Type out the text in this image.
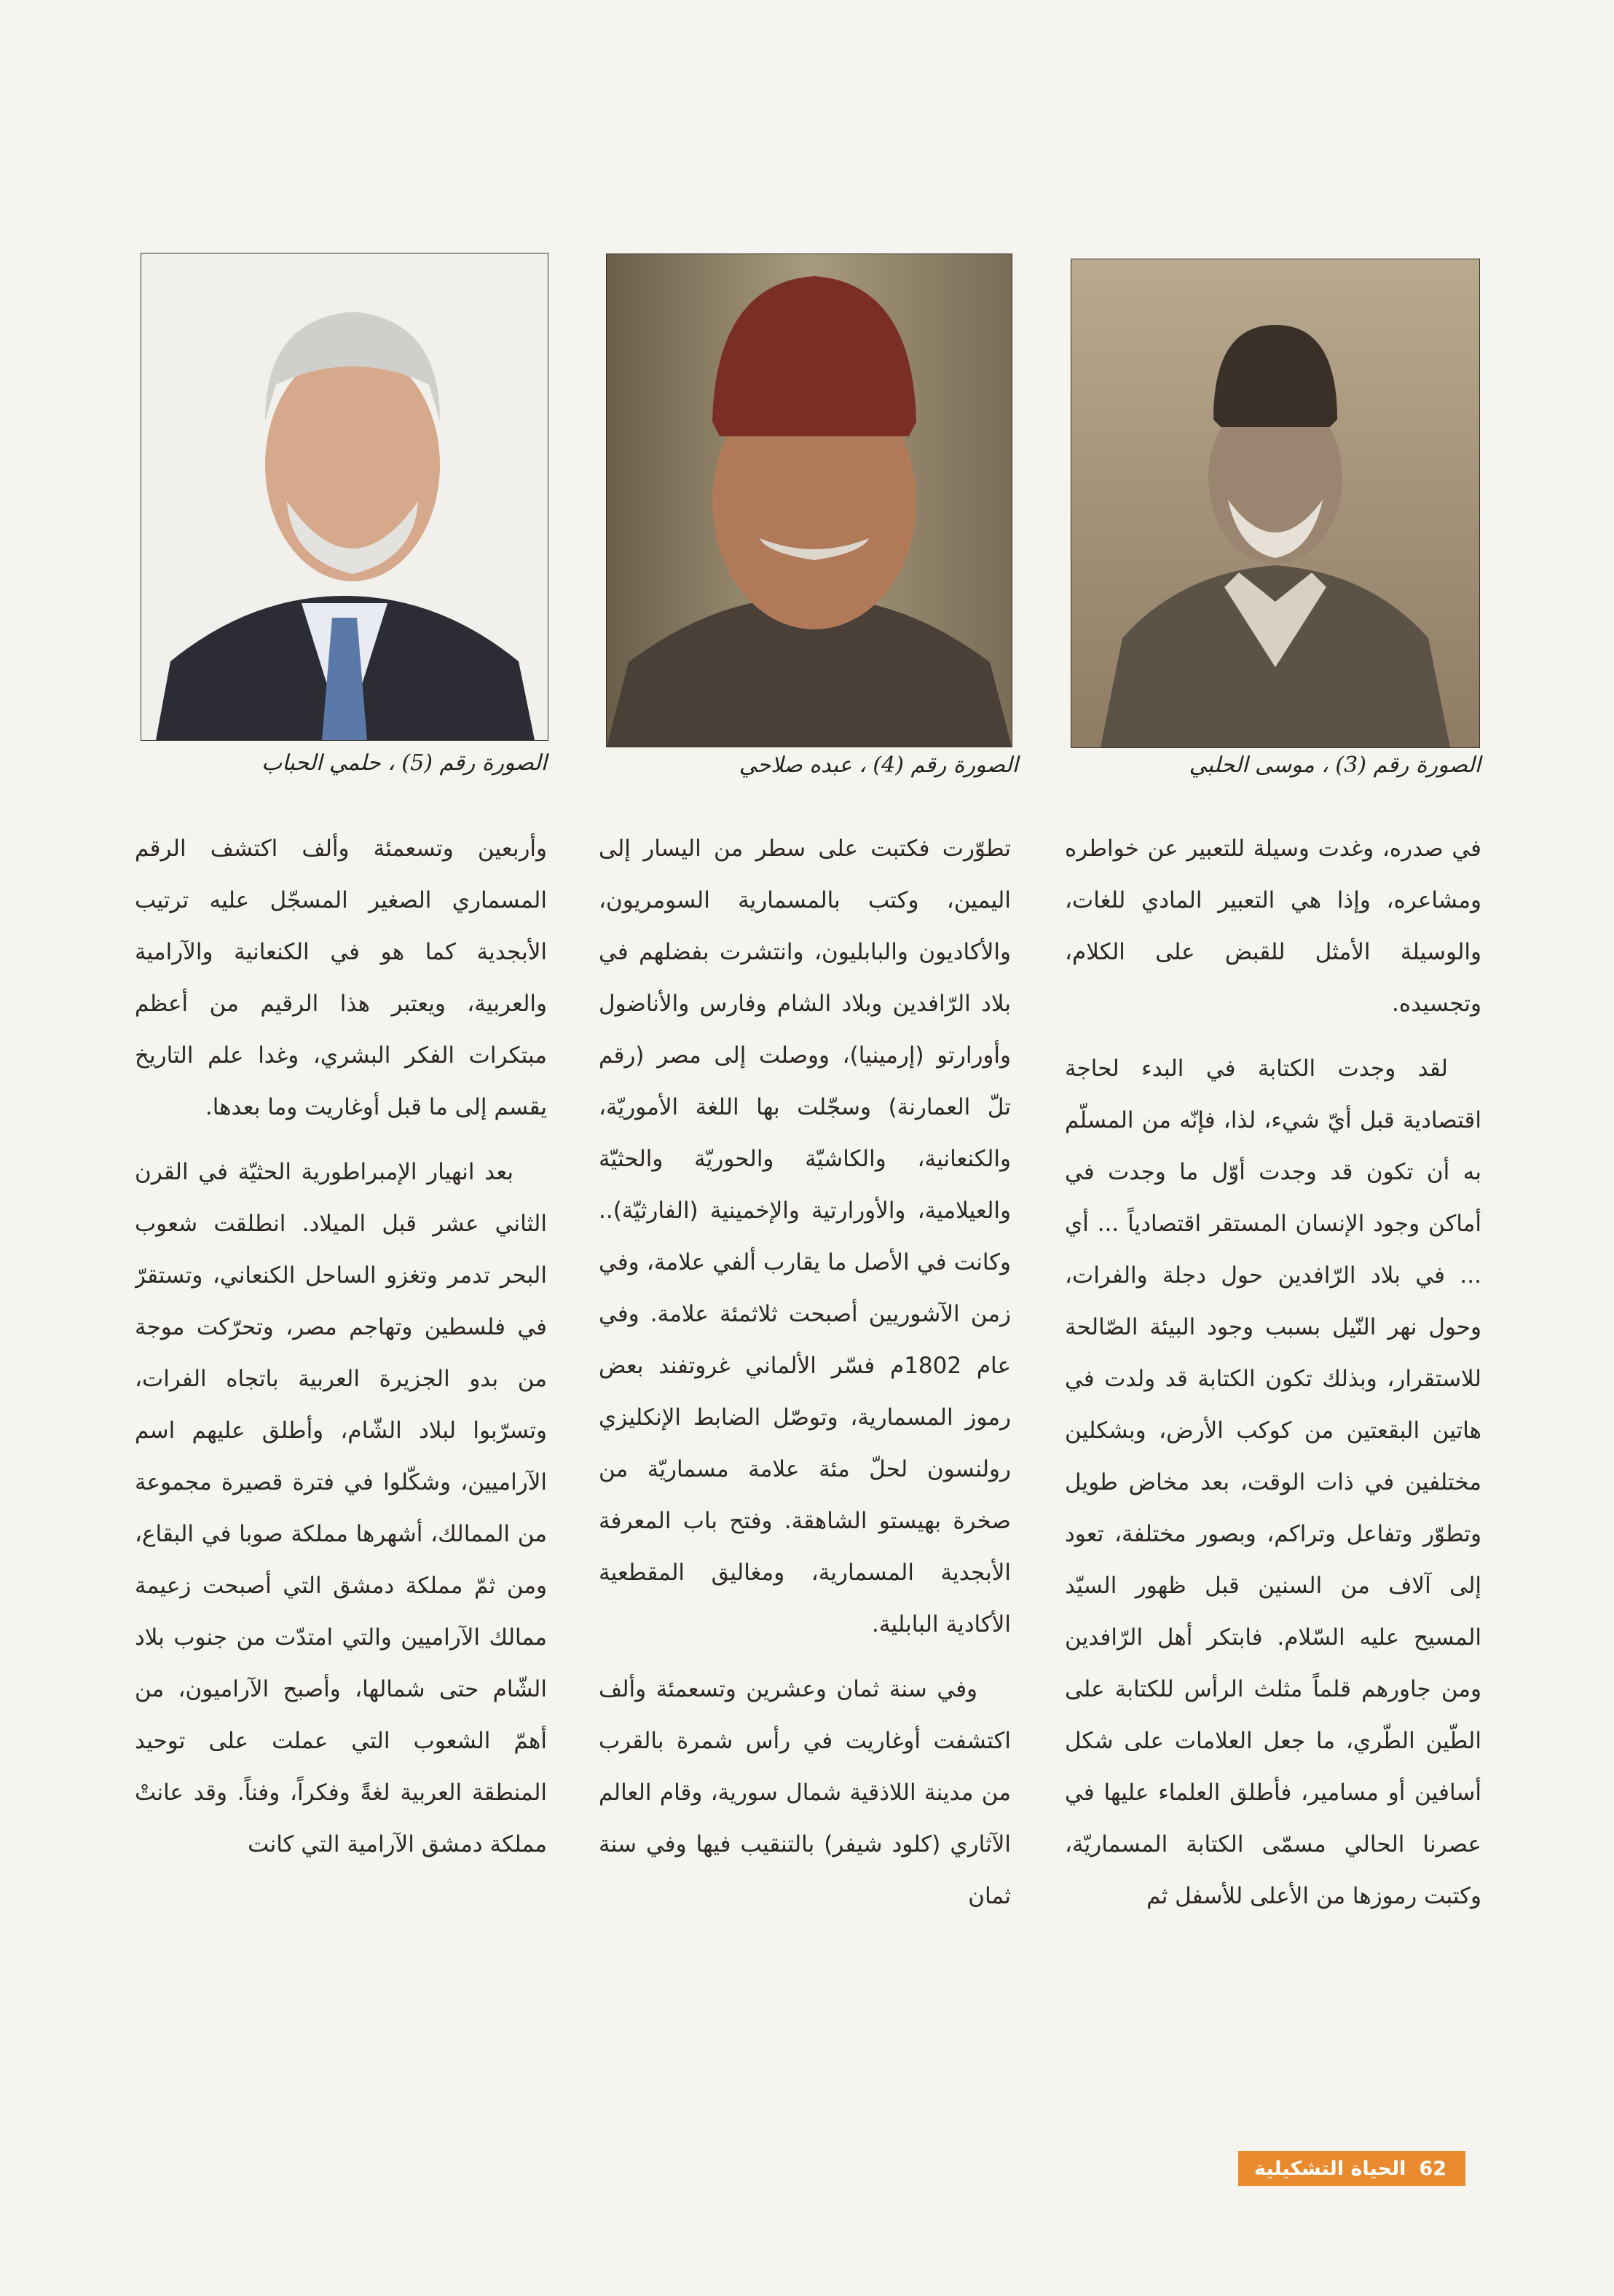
الصورة رقم (3) ، موسى الحلبي
الصورة رقم (4) ، عبده صلاحي
الصورة رقم (5) ، حلمي الحباب

في صدره، وغدت وسيلة للتعبير عن خواطره ومشاعره، وإذا هي التعبير المادي للغات، والوسيلة الأمثل للقبض على الكلام، وتجسيده.

لقد وجدت الكتابة في البدء لحاجة اقتصادية قبل أيّ شيء، لذا، فإنّه من المسلّم به أن تكون قد وجدت أوّل ما وجدت في أماكن وجود الإنسان المستقر اقتصادياً ... أي ... في بلاد الرّافدين حول دجلة والفرات، وحول نهر النّيل بسبب وجود البيئة الصّالحة للاستقرار، وبذلك تكون الكتابة قد ولدت في هاتين البقعتين من كوكب الأرض، وبشكلين مختلفين في ذات الوقت، بعد مخاض طويل وتطوّر وتفاعل وتراكم، وبصور مختلفة، تعود إلى آلاف من السنين قبل ظهور السيّد المسيح عليه السّلام. فابتكر أهل الرّافدين ومن جاورهم قلماً مثلث الرأس للكتابة على الطّين الطّري، ما جعل العلامات على شكل أسافين أو مسامير، فأطلق العلماء عليها في عصرنا الحالي مسمّى الكتابة المسماريّة، وكتبت رموزها من الأعلى للأسفل ثم

تطوّرت فكتبت على سطر من اليسار إلى اليمين، وكتب بالمسمارية السومريون، والأكاديون والبابليون، وانتشرت بفضلهم في بلاد الرّافدين وبلاد الشام وفارس والأناضول وأورارتو (إرمينيا)، ووصلت إلى مصر (رقم تلّ العمارنة) وسجّلت بها اللغة الأموريّة، والكنعانية، والكاشيّة والحوريّة والحثيّة والعيلامية، والأورارتية والإخمينية (الفارثيّة).. وكانت في الأصل ما يقارب ألفي علامة، وفي زمن الآشوريين أصبحت ثلاثمئة علامة. وفي عام 1802م فسّر الألماني غروتفند بعض رموز المسمارية، وتوصّل الضابط الإنكليزي رولنسون لحلّ مئة علامة مسماريّة من صخرة بهيستو الشاهقة. وفتح باب المعرفة الأبجدية المسمارية، ومغاليق المقطعية الأكادية البابلية.

وفي سنة ثمان وعشرين وتسعمئة وألف اكتشفت أوغاريت في رأس شمرة بالقرب من مدينة اللاذقية شمال سورية، وقام العالم الآثاري (كلود شيفر) بالتنقيب فيها وفي سنة ثمان

وأربعين وتسعمئة وألف اكتشف الرقم المسماري الصغير المسجّل عليه ترتيب الأبجدية كما هو في الكنعانية والآرامية والعربية، ويعتبر هذا الرقيم من أعظم مبتكرات الفكر البشري، وغدا علم التاريخ يقسم إلى ما قبل أوغاريت وما بعدها.

بعد انهيار الإمبراطورية الحثيّة في القرن الثاني عشر قبل الميلاد. انطلقت شعوب البحر تدمر وتغزو الساحل الكنعاني، وتستقرّ في فلسطين وتهاجم مصر، وتحرّكت موجة من بدو الجزيرة العربية باتجاه الفرات، وتسرّبوا لبلاد الشّام، وأطلق عليهم اسم الآراميين، وشكّلوا في فترة قصيرة مجموعة من الممالك، أشهرها مملكة صوبا في البقاع، ومن ثمّ مملكة دمشق التي أصبحت زعيمة ممالك الآراميين والتي امتدّت من جنوب بلاد الشّام حتى شمالها، وأصبح الآراميون، من أهمّ الشعوب التي عملت على توحيد المنطقة العربية لغةً وفكراً، وفناً. وقد عانتْ مملكة دمشق الآرامية التي كانت

62
الحياة التشكيلية
